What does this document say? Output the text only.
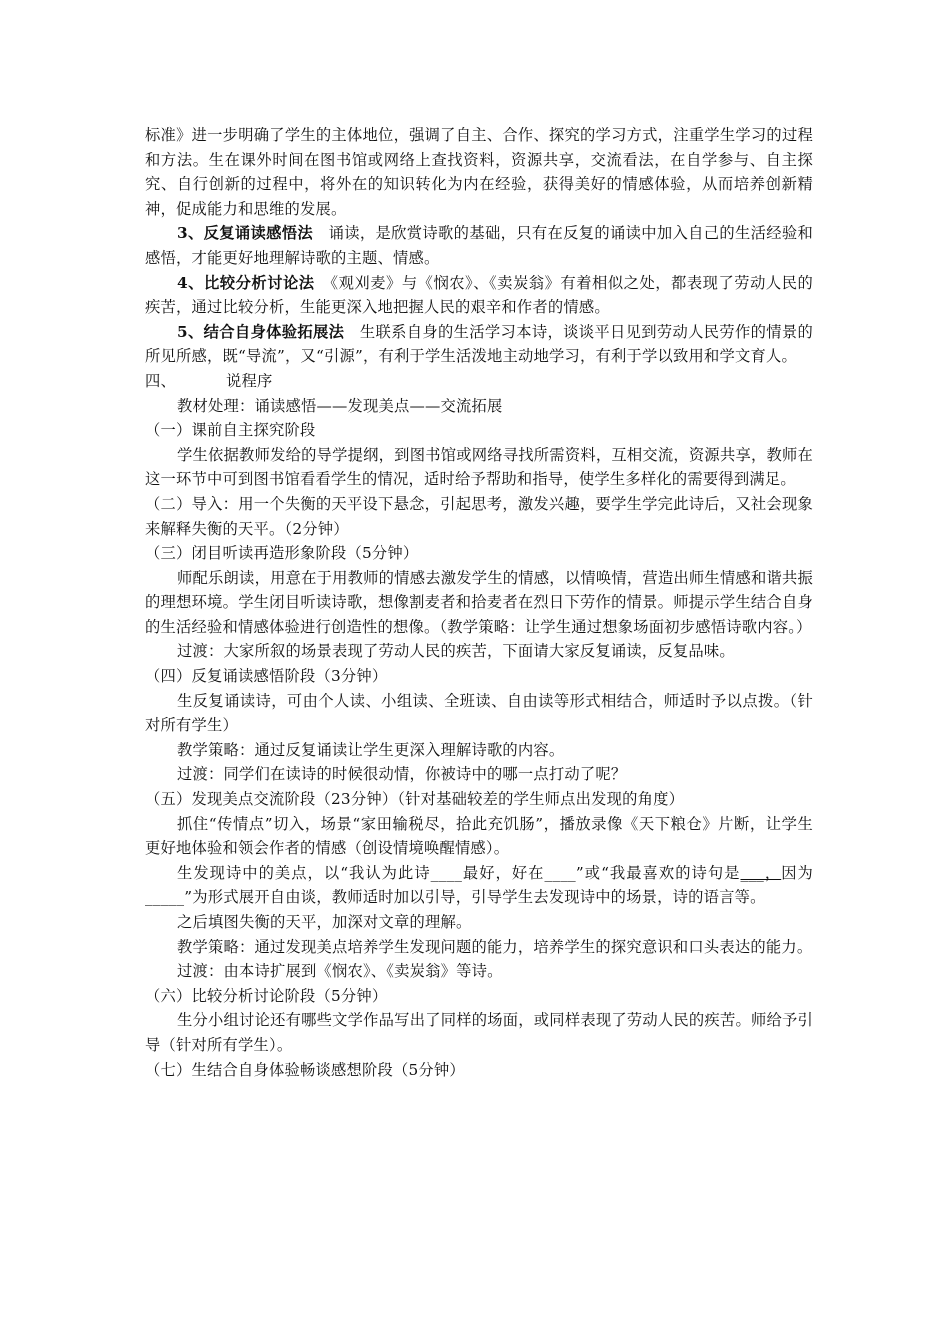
标准》进一步明确了学生的主体地位，强调了自主、合作、探究的学习方式，注重学生学习的过程和方法。生在课外时间在图书馆或网络上查找资料，资源共享，交流看法，在自学参与、自主探究、自行创新的过程中，将外在的知识转化为内在经验，获得美好的情感体验，从而培养创新精神，促成能力和思维的发展。

3、反复诵读感悟法　 诵读，是欣赏诗歌的基础，只有在反复的诵读中加入自己的生活经验和感悟，才能更好地理解诗歌的主题、情感。

4、比较分析讨论法　 《观刈麦》与《悯农》、《卖炭翁》有着相似之处，都表现了劳动人民的疾苦，通过比较分析，生能更深入地把握人民的艰辛和作者的情感。

5、结合自身体验拓展法　 生联系自身的生活学习本诗，谈谈平日见到劳动人民劳作的情景的所见所感，既“导流”，又“引源”，有利于学生活泼地主动地学习，有利于学以致用和学文育人。

四、	说程序

教材处理：诵读感悟——发现美点——交流拓展

（一）课前自主探究阶段

学生依据教师发给的导学提纲，到图书馆或网络寻找所需资料，互相交流，资源共享，教师在这一环节中可到图书馆看看学生的情况，适时给予帮助和指导，使学生多样化的需要得到满足。

（二）导入：用一个失衡的天平设下悬念，引起思考，激发兴趣，要学生学完此诗后，又社会现象来解释失衡的天平。（2分钟）

（三）闭目听读再造形象阶段（5分钟）

师配乐朗读，用意在于用教师的情感去激发学生的情感，以情唤情，营造出师生情感和谐共振的理想环境。学生闭目听读诗歌，想像割麦者和拾麦者在烈日下劳作的情景。师提示学生结合自身的生活经验和情感体验进行创造性的想像。（教学策略：让学生通过想象场面初步感悟诗歌内容。）

过渡：大家所叙的场景表现了劳动人民的疾苦，下面请大家反复诵读，反复品味。

（四）反复诵读感悟阶段（3分钟）

生反复诵读诗，可由个人读、小组读、全班读、自由读等形式相结合，师适时予以点拨。（针对所有学生）

教学策略：通过反复诵读让学生更深入理解诗歌的内容。

过渡：同学们在读诗的时候很动情，你被诗中的哪一点打动了呢？

（五）发现美点交流阶段（23分钟）（针对基础较差的学生师点出发现的角度）

抓住“传情点”切入，场景“家田输税尽，拾此充饥肠”，播放录像《天下粮仓》片断，让学生更好地体验和领会作者的情感（创设情境唤醒情感）。

生发现诗中的美点，以“我认为此诗____最好，好在____”或“我最喜欢的诗句是___，因为_____”为形式展开自由谈，教师适时加以引导，引导学生去发现诗中的场景，诗的语言等。

之后填图失衡的天平，加深对文章的理解。

教学策略：通过发现美点培养学生发现问题的能力，培养学生的探究意识和口头表达的能力。

过渡：由本诗扩展到《悯农》、《卖炭翁》等诗。

（六）比较分析讨论阶段（5分钟）

生分小组讨论还有哪些文学作品写出了同样的场面，或同样表现了劳动人民的疾苦。师给予引导（针对所有学生）。

（七）生结合自身体验畅谈感想阶段（5分钟）
